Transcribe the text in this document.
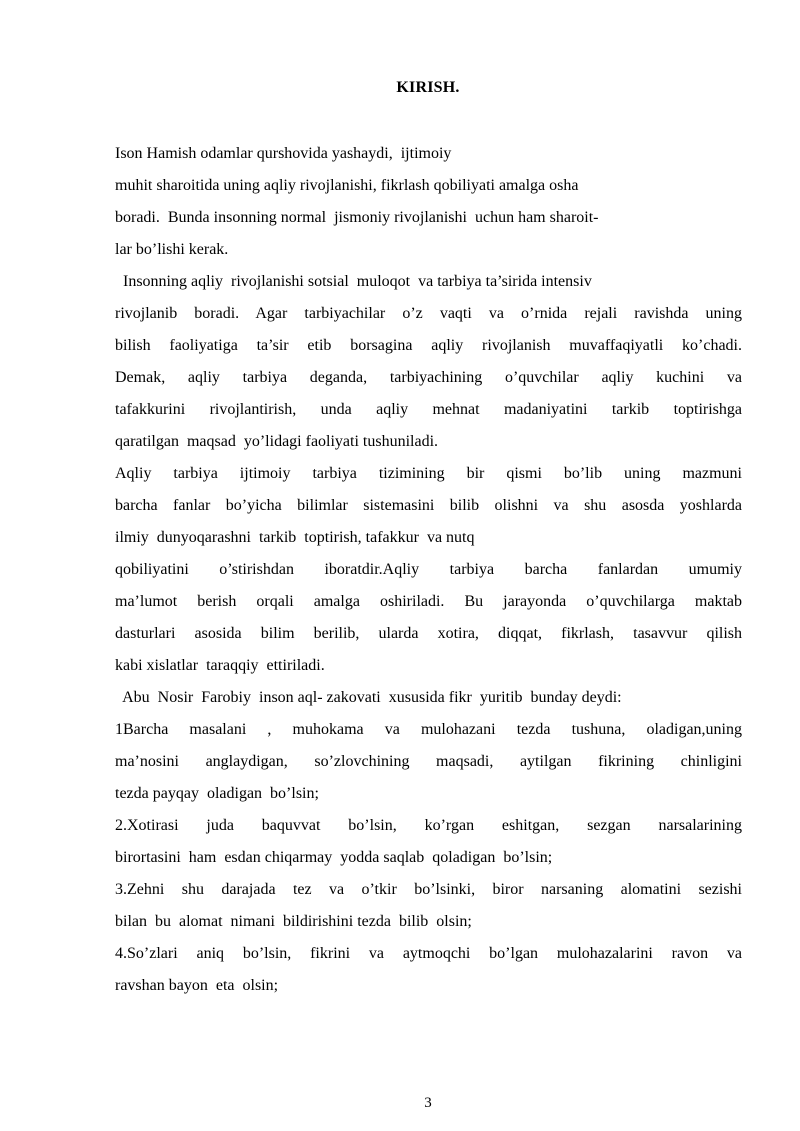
KIRISH.
Ison Hamish odamlar qurshovida yashaydi,  ijtimoiy
muhit sharoitida uning aqliy rivojlanishi, fikrlash qobiliyati amalga osha
boradi.  Bunda insonning normal  jismoniy rivojlanishi  uchun ham sharoit-
lar bo’lishi kerak.
Insonning aqliy  rivojlanishi sotsial  muloqot  va tarbiya ta’sirida intensiv
rivojlanib boradi. Agar tarbiyachilar o’z vaqti va o’rnida rejali ravishda uning
bilish faoliyatiga ta’sir etib borsagina aqliy rivojlanish muvaffaqiyatli ko’chadi.
Demak, aqliy tarbiya deganda, tarbiyachining o’quvchilar aqliy kuchini va
tafakkurini rivojlantirish, unda aqliy mehnat madaniyatini tarkib toptirishga
qaratilgan  maqsad  yo’lidagi faoliyati tushuniladi.
Aqliy tarbiya ijtimoiy tarbiya tizimining bir qismi bo’lib uning mazmuni
barcha fanlar bo’yicha bilimlar sistemasini bilib olishni va shu asosda yoshlarda
ilmiy  dunyoqarashni  tarkib  toptirish, tafakkur  va nutq
qobiliyatini o’stirishdan iboratdir.Aqliy tarbiya barcha fanlardan umumiy
ma’lumot berish orqali amalga oshiriladi. Bu jarayonda o’quvchilarga maktab
dasturlari asosida bilim berilib, ularda xotira, diqqat, fikrlash, tasavvur qilish
kabi xislatlar  taraqqiy  ettiriladi.
Abu  Nosir  Farobiy  inson aql- zakovati  xususida fikr  yuritib  bunday deydi:
1Barcha masalani , muhokama va mulohazani tezda tushuna, oladigan,uning
ma’nosini anglaydigan, so’zlovchining maqsadi, aytilgan fikrining chinligini
tezda payqay  oladigan  bo’lsin;
2.Xotirasi juda baquvvat bo’lsin, ko’rgan eshitgan, sezgan narsalarining
birortasini  ham  esdan chiqarmay  yodda saqlab  qoladigan  bo’lsin;
3.Zehni shu darajada tez va o’tkir bo’lsinki, biror narsaning alomatini sezishi
bilan  bu  alomat  nimani  bildirishini tezda  bilib  olsin;
4.So’zlari aniq bo’lsin, fikrini va aytmoqchi bo’lgan mulohazalarini ravon va
ravshan bayon  eta  olsin;
3
